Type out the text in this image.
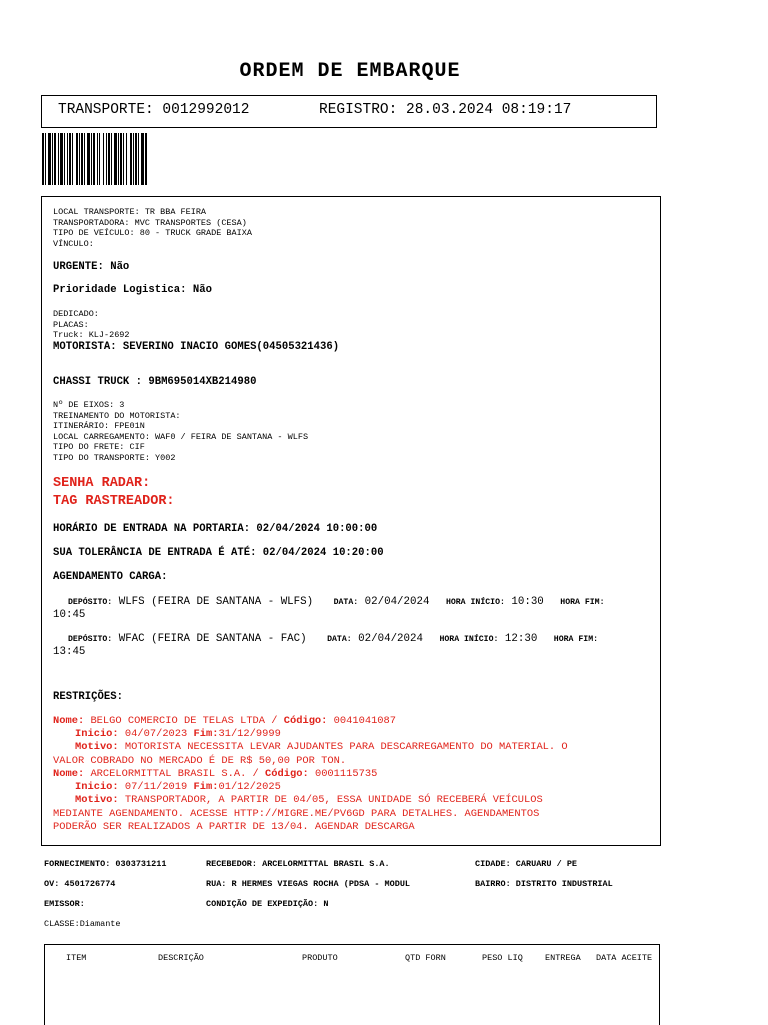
ORDEM DE EMBARQUE
TRANSPORTE: 0012992012	REGISTRO: 28.03.2024 08:19:17
LOCAL TRANSPORTE: TR BBA FEIRA
TRANSPORTADORA: MVC TRANSPORTES (CESA)
TIPO DE VEÍCULO: 80 - TRUCK GRADE BAIXA
VÍNCULO:
URGENTE: Não
Prioridade Logistica: Não
DEDICADO:
PLACAS:
Truck: KLJ-2692
MOTORISTA: SEVERINO INACIO GOMES(04505321436)
CHASSI TRUCK : 9BM695014XB214980
Nº DE EIXOS: 3
TREINAMENTO DO MOTORISTA:
ITINERÁRIO: FPE01N
LOCAL CARREGAMENTO: WAF0 / FEIRA DE SANTANA - WLFS
TIPO DO FRETE: CIF
TIPO DO TRANSPORTE: Y002
SENHA RADAR:
TAG RASTREADOR:
HORÁRIO DE ENTRADA NA PORTARIA: 02/04/2024 10:00:00
SUA TOLERÂNCIA DE ENTRADA É ATÉ: 02/04/2024 10:20:00
AGENDAMENTO CARGA:
DEPÓSITO: WLFS (FEIRA DE SANTANA - WLFS) DATA: 02/04/2024 HORA INÍCIO: 10:30 HORA FIM:
10:45
DEPÓSITO: WFAC (FEIRA DE SANTANA - FAC) DATA: 02/04/2024 HORA INÍCIO: 12:30 HORA FIM:
13:45
RESTRIÇÕES:
Nome: BELGO COMERCIO DE TELAS LTDA / Código: 0041041087
Inicio: 04/07/2023 Fim:31/12/9999
Motivo: MOTORISTA NECESSITA LEVAR AJUDANTES PARA DESCARREGAMENTO DO MATERIAL. O
VALOR COBRADO NO MERCADO É DE R$ 50,00 POR TON.
Nome: ARCELORMITTAL BRASIL S.A. / Código: 0001115735
Inicio: 07/11/2019 Fim:01/12/2025
Motivo: TRANSPORTADOR, A PARTIR DE 04/05, ESSA UNIDADE SÓ RECEBERÁ VEÍCULOS
MEDIANTE AGENDAMENTO. ACESSE HTTP://MIGRE.ME/PV6GD PARA DETALHES. AGENDAMENTOS
PODERÃO SER REALIZADOS A PARTIR DE 13/04. AGENDAR DESCARGA
FORNECIMENTO: 0303731211	RECEBEDOR: ARCELORMITTAL BRASIL S.A.	CIDADE: CARUARU / PE
OV: 4501726774	RUA: R HERMES VIEGAS ROCHA (PDSA - MODUL	BAIRRO: DISTRITO INDUSTRIAL
EMISSOR:	CONDIÇÃO DE EXPEDIÇÃO: N
CLASSE:Diamante
ITEM	DESCRIÇÃO	PRODUTO	QTD FORN	PESO LIQ	ENTREGA DATA ACEITE
